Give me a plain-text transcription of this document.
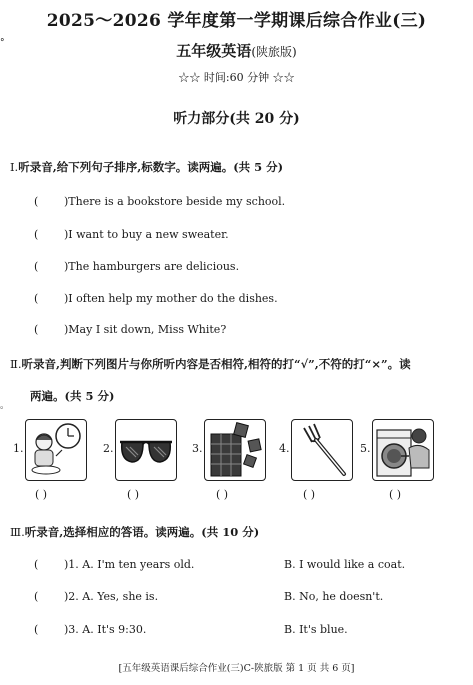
2025～2026 学年度第一学期课后综合作业(三)
五年级英语(陕旅版)
☆☆ 时间:60 分钟 ☆☆
听力部分(共 20 分)
°
。
Ⅰ.听录音,给下列句子排序,标数字。读两遍。(共 5 分)
( )There is a bookstore beside my school.
( )I want to buy a new sweater.
( )The hamburgers are delicious.
( )I often help my mother do the dishes.
( )May I sit down, Miss White?
Ⅱ.听录音,判断下列图片与你所听内容是否相符,相符的打“√”,不符的打“×”。读
两遍。(共 5 分)
1.	2.	3.	4.	5.
( )	( )	( )	( )	( )
Ⅲ.听录音,选择相应的答语。读两遍。(共 10 分)
( )1. A. I'm ten years old.	B. I would like a coat.
( )2. A. Yes, she is.	B. No, he doesn't.
( )3. A. It's 9:30.	B. It's blue.
[五年级英语课后综合作业(三)C-陕旅版 第 1 页 共 6 页]
